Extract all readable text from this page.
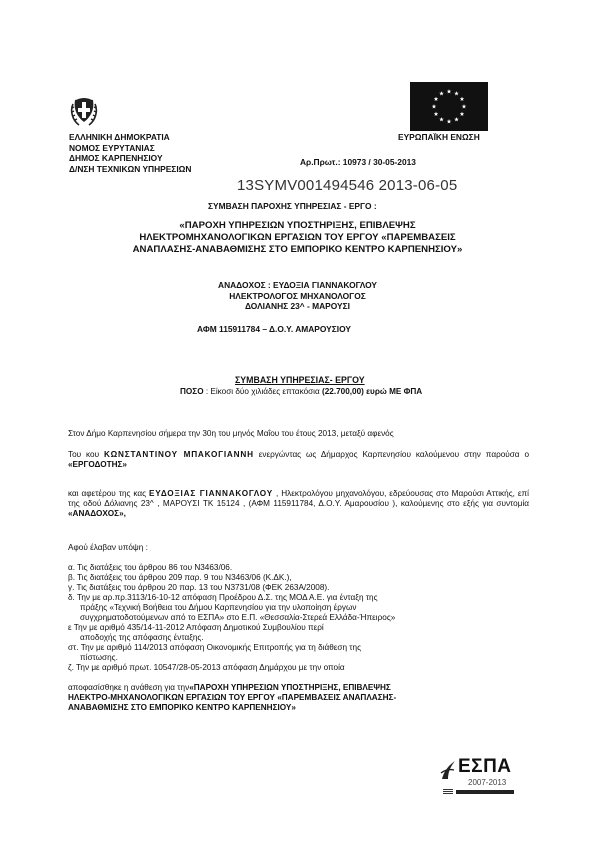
ΕΛΛΗΝΙΚΗ ΔΗΜΟΚΡΑΤΙΑ
ΝΟΜΟΣ ΕΥΡΥΤΑΝΙΑΣ
ΔΗΜΟΣ ΚΑΡΠΕΝΗΣΙΟΥ
Δ/ΝΣΗ ΤΕΧΝΙΚΩΝ ΥΠΗΡΕΣΙΩΝ
ΕΥΡΩΠΑΪΚΗ ΕΝΩΣΗ
Αρ.Πρωτ.: 10973 / 30-05-2013
13SYMV001494546 2013-06-05
ΣΥΜΒΑΣΗ ΠΑΡΟΧΗΣ ΥΠΗΡΕΣΙΑΣ - ΕΡΓΟ :
«ΠΑΡΟΧΗ ΥΠΗΡΕΣΙΩΝ ΥΠΟΣΤΗΡΙΞΗΣ, ΕΠΙΒΛΕΨΗΣ
ΗΛΕΚΤΡΟΜΗΧΑΝΟΛΟΓΙΚΩΝ ΕΡΓΑΣΙΩΝ ΤΟΥ ΕΡΓΟΥ «ΠΑΡΕΜΒΑΣΕΙΣ
ΑΝΑΠΛΑΣΗΣ-ΑΝΑΒΑΘΜΙΣΗΣ ΣΤΟ ΕΜΠΟΡΙΚΟ ΚΕΝΤΡΟ ΚΑΡΠΕΝΗΣΙΟΥ»
ΑΝΑΔΟΧΟΣ : ΕΥΔΟΞΙΑ ΓΙΑΝΝΑΚΟΓΛΟΥ
ΗΛΕΚΤΡΟΛΟΓΟΣ ΜΗΧΑΝΟΛΟΓΟΣ
ΔΟΛΙΑΝΗΣ 23^ - ΜΑΡΟΥΣΙ
ΑΦΜ 115911784 – Δ.Ο.Υ. ΑΜΑΡΟΥΣΙΟΥ
ΣΥΜΒΑΣΗ ΥΠΗΡΕΣΙΑΣ- ΕΡΓΟΥ
ΠΟΣΟ : Είκοσι δύο χιλιάδες επτακόσια (22.700,00) ευρώ ΜΕ ΦΠΑ
Στον Δήμο Καρπενησίου σήμερα την 30η του μηνός Μαΐου του έτους 2013, μεταξύ αφενός
Του κου ΚΩΝΣΤΑΝΤΙΝΟΥ ΜΠΑΚΟΓΙΑΝΝΗ ενεργώντας ως Δήμαρχος Καρπενησίου καλούμενου στην παρούσα ο «ΕΡΓΟΔΟΤΗΣ»
και αφετέρου της κας ΕΥΔΟΞΙΑΣ ΓΙΑΝΝΑΚΟΓΛΟΥ , Ηλεκτρολόγου μηχανολόγου, εδρεύουσας στο Μαρούσι Αττικής, επί της οδού Δόλιανης 23^ , ΜΑΡΟΥΣΙ ΤΚ 15124 , (ΑΦΜ 115911784, Δ.Ο.Υ. Αμαρουσίου ), καλούμενης στο εξής για συντομία «ΑΝΑΔΟΧΟΣ»,
Αφού έλαβαν υπόψη :
α. Τις διατάξεις του άρθρου 86 του Ν3463/06.
β. Τις διατάξεις του άρθρου 209 παρ. 9 του Ν3463/06 (Κ.ΔΚ.),
γ. Τις διατάξεις του άρθρου 20 παρ. 13 του Ν3731/08 (ΦΕΚ 263Α/2008).
δ. Την με αρ.πρ.3113/16-10-12 απόφαση Προέδρου Δ.Σ. της ΜΟΔ Α.Ε. για ένταξη της
πράξης «Τεχνική Βοήθεια του Δήμου Καρπενησίου για την υλοποίηση έργων
συγχρηματοδοτούμενων από το ΕΣΠΑ» στο Ε.Π. «Θεσσαλία-Στερεά Ελλάδα-Ήπειρος»
ε Την με αριθμό 435/14-11-2012 Απόφαση Δημοτικού Συμβουλίου περί
αποδοχής της απόφασης ένταξης.
στ. Την με αριθμό 114/2013 απόφαση Οικονομικής Επιτροπής για τη διάθεση της
πίστωσης.
ζ. Την με αριθμό πρωτ. 10547/28-05-2013 απόφαση Δημάρχου με την οποία
αποφασίσθηκε η ανάθεση για την«ΠΑΡΟΧΗ ΥΠΗΡΕΣΙΩΝ ΥΠΟΣΤΗΡΙΞΗΣ, ΕΠΙΒΛΕΨΗΣ
ΗΛΕΚΤΡΟ-ΜΗΧΑΝΟΛΟΓΙΚΩΝ ΕΡΓΑΣΙΩΝ ΤΟΥ ΕΡΓΟΥ «ΠΑΡΕΜΒΑΣΕΙΣ ΑΝΑΠΛΑΣΗΣ-
ΑΝΑΒΑΘΜΙΣΗΣ ΣΤΟ ΕΜΠΟΡΙΚΟ ΚΕΝΤΡΟ ΚΑΡΠΕΝΗΣΙΟΥ»
ΕΣΠΑ
2007-2013
